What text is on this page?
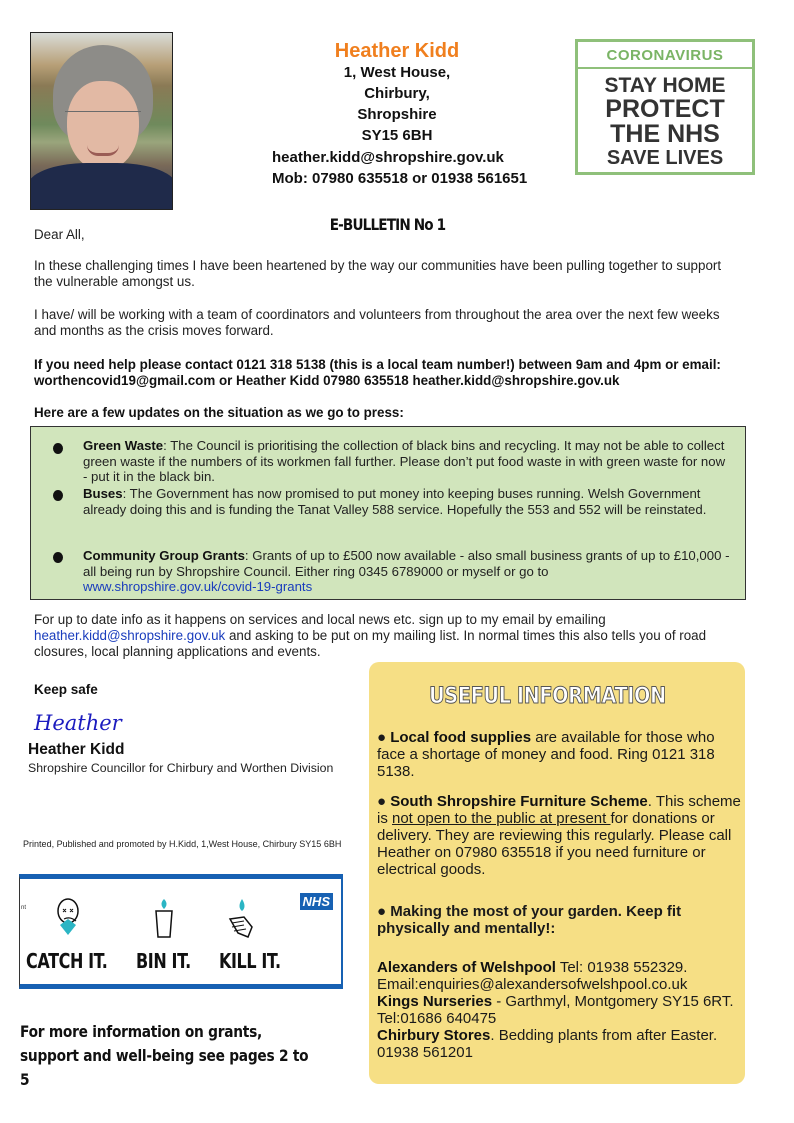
Heather Kidd
1, West House,
Chirbury,
Shropshire
SY15 6BH
heather.kidd@shropshire.gov.uk
Mob: 07980 635518 or 01938 561651
CORONAVIRUS
STAY HOME
PROTECT
THE NHS
SAVE LIVES
E-BULLETIN No 1
Dear All,
In these challenging times I have been heartened by the way our communities have been pulling together to support the vulnerable amongst us.
I have/ will be working with a team of coordinators and volunteers from throughout the area over the next few weeks and months as the crisis moves forward.
If you need help please contact 0121 318 5138 (this is a local team number!) between 9am and 4pm or email: worthencovid19@gmail.com or Heather Kidd 07980 635518 heather.kidd@shropshire.gov.uk
Here are a few updates on the situation as we go to press:
Green Waste: The Council is prioritising the collection of black bins and recycling. It may not be able to collect green waste if the numbers of its workmen fall further. Please don’t put food waste in with green waste for now - put it in the black bin.
Buses: The Government has now promised to put money into keeping buses running. Welsh Government
already doing this and is funding the Tanat Valley 588 service. Hopefully the 553 and 552 will be reinstated.
Community Group Grants: Grants of up to £500 now available - also small business grants of up to £10,000 - all being run by Shropshire Council. Either ring 0345 6789000 or myself or go to
www.shropshire.gov.uk/covid-19-grants
For up to date info as it happens on services and local news etc. sign up to my email by emailing heather.kidd@shropshire.gov.uk and asking to be put on my mailing list. In normal times this also tells you of road closures, local planning applications and events.
Keep safe
Heather
Heather Kidd
Shropshire Councillor for Chirbury and Worthen Division
Printed, Published and promoted by H.Kidd, 1,West House, Chirbury SY15 6BH
nt	NHS
CATCH IT. BIN IT. KILL IT.
For more information on grants, support and well-being see pages 2 to 5
USEFUL INFORMATION
● Local food supplies are available for those who face a shortage of money and food. Ring 0121 318 5138.
● South Shropshire Furniture Scheme. This scheme is not open to the public at present for donations or delivery. They are reviewing this regularly. Please call Heather on 07980 635518 if you need furniture or electrical goods.
● Making the most of your garden. Keep fit physically and mentally!:
Alexanders of Welshpool Tel: 01938 552329. Email:enquiries@alexandersofwelshpool.co.uk
Kings Nurseries - Garthmyl, Montgomery SY15 6RT. Tel:01686 640475
Chirbury Stores. Bedding plants from after Easter. 01938 561201
